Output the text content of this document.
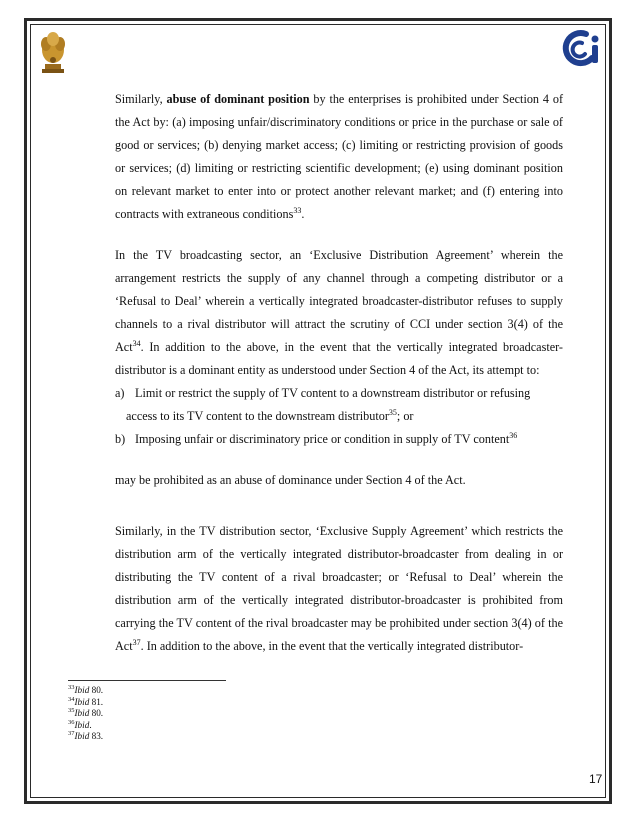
Similarly, abuse of dominant position by the enterprises is prohibited under Section 4 of the Act by: (a) imposing unfair/discriminatory conditions or price in the purchase or sale of good or services; (b) denying market access; (c) limiting or restricting provision of goods or services; (d) limiting or restricting scientific development; (e) using dominant position on relevant market to enter into or protect another relevant market; and (f) entering into contracts with extraneous conditions$^{33}$.

In the TV broadcasting sector, an ‘Exclusive Distribution Agreement’ wherein the arrangement restricts the supply of any channel through a competing distributor or a ‘Refusal to Deal’ wherein a vertically integrated broadcaster-distributor refuses to supply channels to a rival distributor will attract the scrutiny of CCI under section 3(4) of the Act$^{34}$. In addition to the above, in the event that the vertically integrated broadcaster-distributor is a dominant entity as understood under Section 4 of the Act, its attempt to:

a) Limit or restrict the supply of TV content to a downstream distributor or refusing
access to its TV content to the downstream distributor$^{35}$; or
b) Imposing unfair or discriminatory price or condition in supply of TV content$^{36}$

may be prohibited as an abuse of dominance under Section 4 of the Act.

Similarly, in the TV distribution sector, ‘Exclusive Supply Agreement’ which restricts the distribution arm of the vertically integrated distributor-broadcaster from dealing in or distributing the TV content of a rival broadcaster; or ‘Refusal to Deal’ wherein the distribution arm of the vertically integrated distributor-broadcaster is prohibited from carrying the TV content of the rival broadcaster may be prohibited under section 3(4) of the Act$^{37}$. In addition to the above, in the event that the vertically integrated distributor-

$^{33}$Ibid 80.
$^{34}$Ibid 81.
$^{35}$Ibid 80.
$^{36}$Ibid.
$^{37}$Ibid 83.
17
